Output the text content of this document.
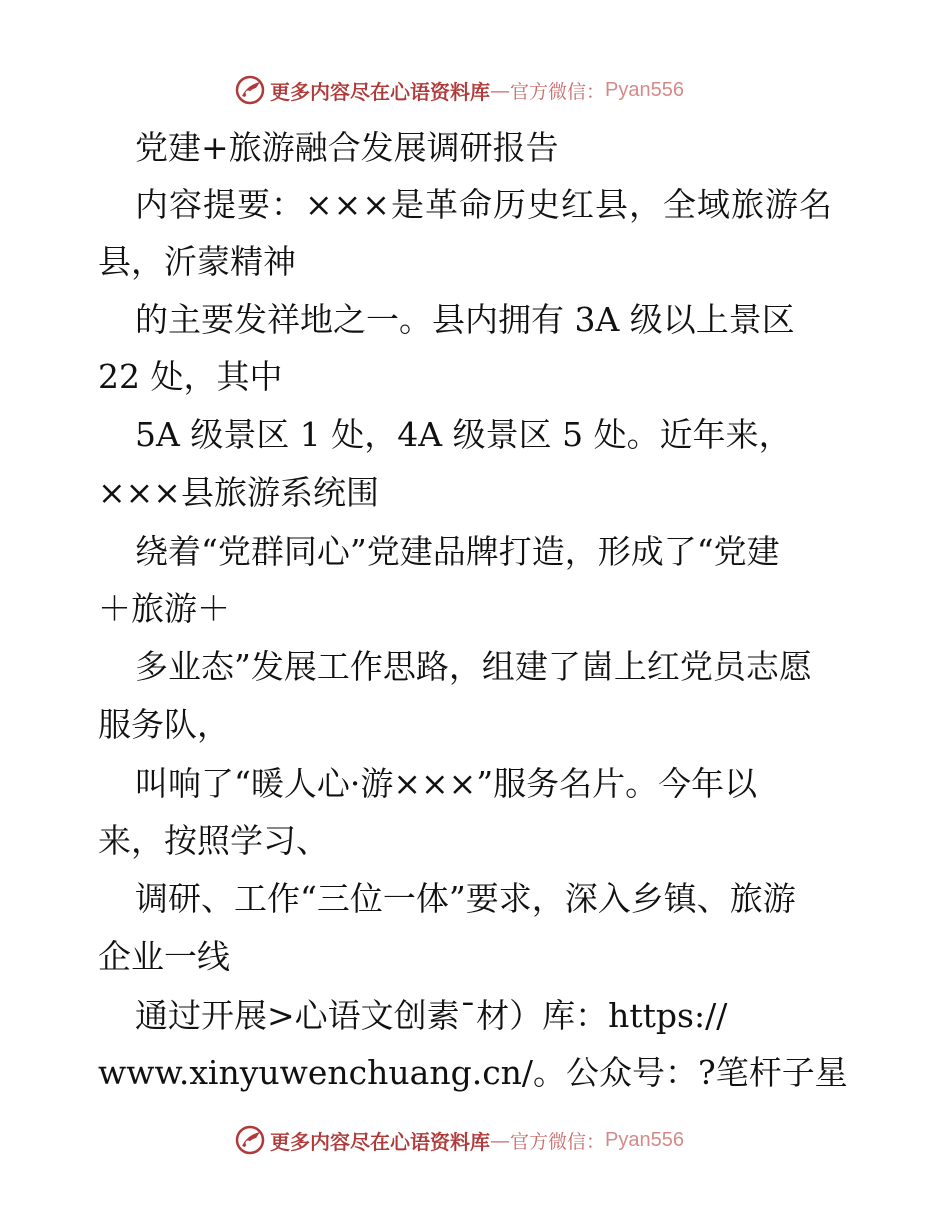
更多内容尽在心语资料库 — 官方微信： Pyan556
党建+旅游融合发展调研报告
内容提要：×××是革命历史红县，全域旅游名
县，沂蒙精神
的主要发祥地之一。县内拥有 3A 级以上景区
22 处，其中
5A 级景区 1 处，4A 级景区 5 处。近年来，
×××县旅游系统围
绕着“党群同心”党建品牌打造，形成了“党建
＋旅游＋
多业态”发展工作思路，组建了崮上红党员志愿
服务队，
叫响了“暖人心·游×××”服务名片。今年以
来，按照学习、
调研、工作“三位一体”要求，深入乡镇、旅游
企业一线
通过开展>心语文创素¯材）库：https://
www.xinyuwenchuang.cn/。公众号：?笔杆子星
更多内容尽在心语资料库 — 官方微信： Pyan556
